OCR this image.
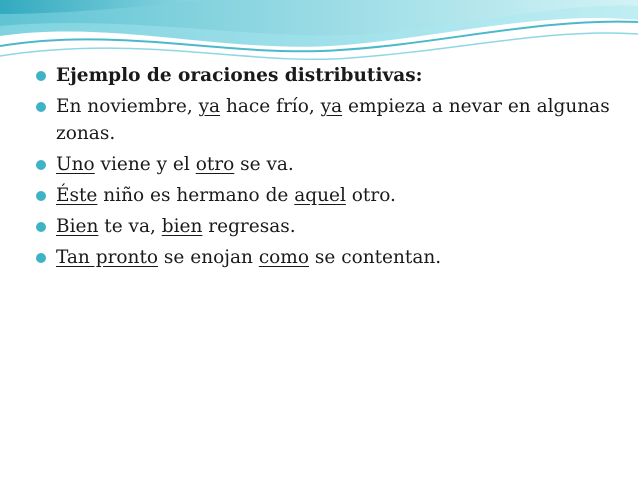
Ejemplo de oraciones distributivas:
En noviembre, ya hace frío, ya empieza a nevar en algunas zonas.
Uno viene y el otro se va.
Éste niño es hermano de aquel otro.
Bien te va, bien regresas.
Tan pronto se enojan como se contentan.
